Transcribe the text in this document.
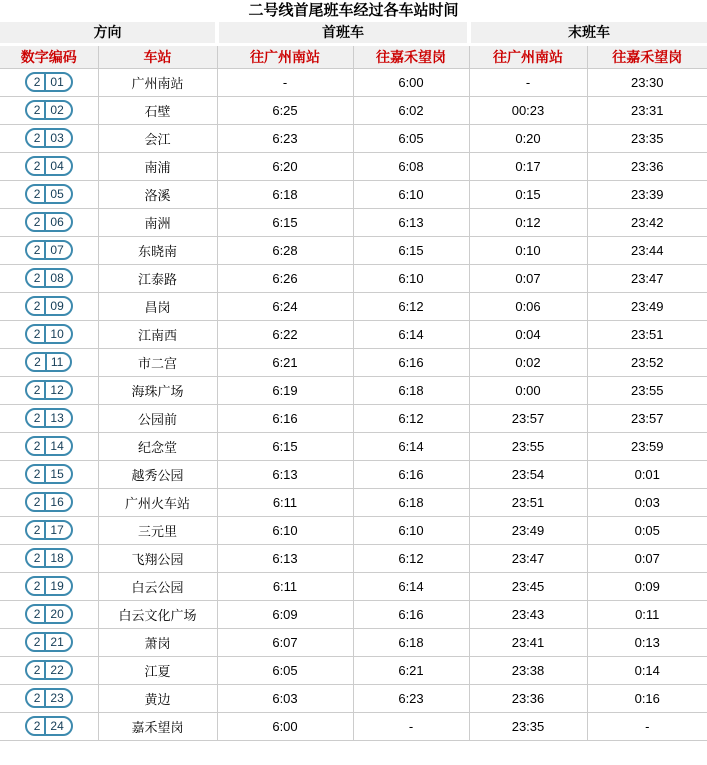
二号线首尾班车经过各车站时间
方向		首班车		末班车	
数字编码	车站	往广州南站	往嘉禾望岗	往广州南站	往嘉禾望岗

2 01	广州南站	-	6:00	-	23:30

2 02	石壁	6:25	6:02	00:23	23:31

2 03	会江	6:23	6:05	0:20	23:35

2 04	南浦	6:20	6:08	0:17	23:36

2 05	洛溪	6:18	6:10	0:15	23:39

2 06	南洲	6:15	6:13	0:12	23:42

2 07	东晓南	6:28	6:15	0:10	23:44

2 08	江泰路	6:26	6:10	0:07	23:47

2 09	昌岗	6:24	6:12	0:06	23:49

2 10	江南西	6:22	6:14	0:04	23:51

2 11	市二宫	6:21	6:16	0:02	23:52

2 12	海珠广场	6:19	6:18	0:00	23:55

2 13	公园前	6:16	6:12	23:57	23:57

2 14	纪念堂	6:15	6:14	23:55	23:59

2 15	越秀公园	6:13	6:16	23:54	0:01

2 16	广州火车站	6:11	6:18	23:51	0:03

2 17	三元里	6:10	6:10	23:49	0:05

2 18	飞翔公园	6:13	6:12	23:47	0:07

2 19	白云公园	6:11	6:14	23:45	0:09

2 20	白云文化广场	6:09	6:16	23:43	0:11

2 21	萧岗	6:07	6:18	23:41	0:13

2 22	江夏	6:05	6:21	23:38	0:14

2 23	黄边	6:03	6:23	23:36	0:16

2 24	嘉禾望岗	6:00	-	23:35	-
